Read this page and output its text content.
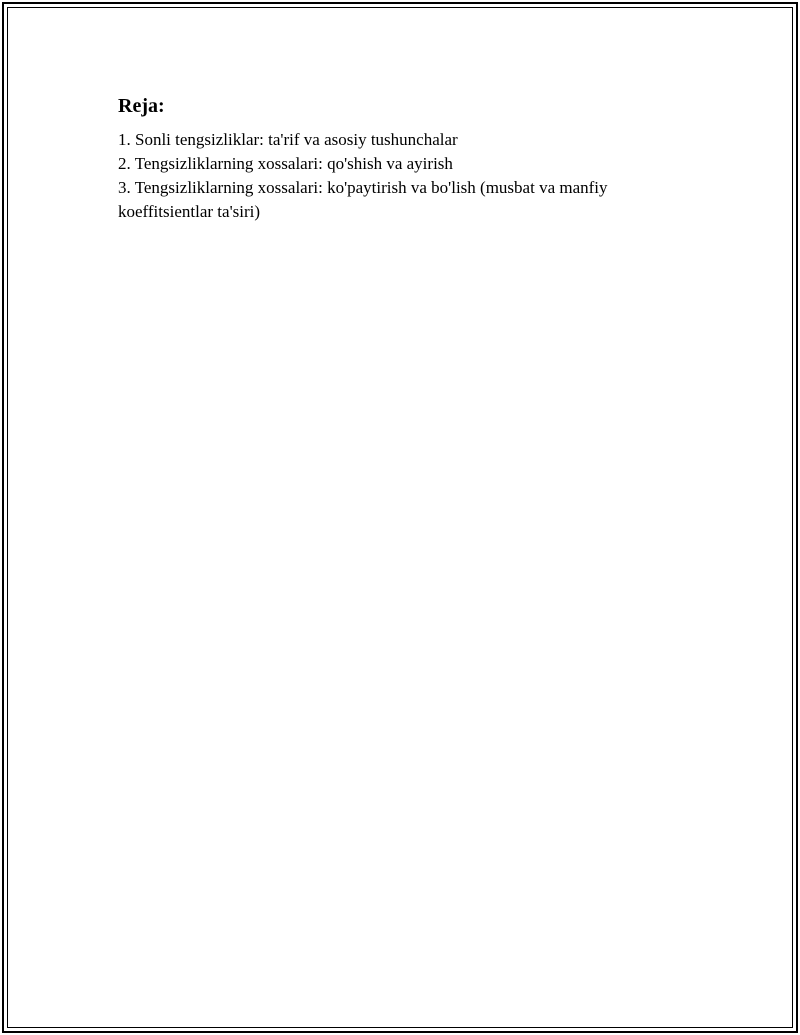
Reja:
1. Sonli tengsizliklar: ta'rif va asosiy tushunchalar
2. Tengsizliklarning xossalari: qo'shish va ayirish
3. Tengsizliklarning xossalari: ko'paytirish va bo'lish (musbat va manfiy koeffitsientlar ta'siri)
